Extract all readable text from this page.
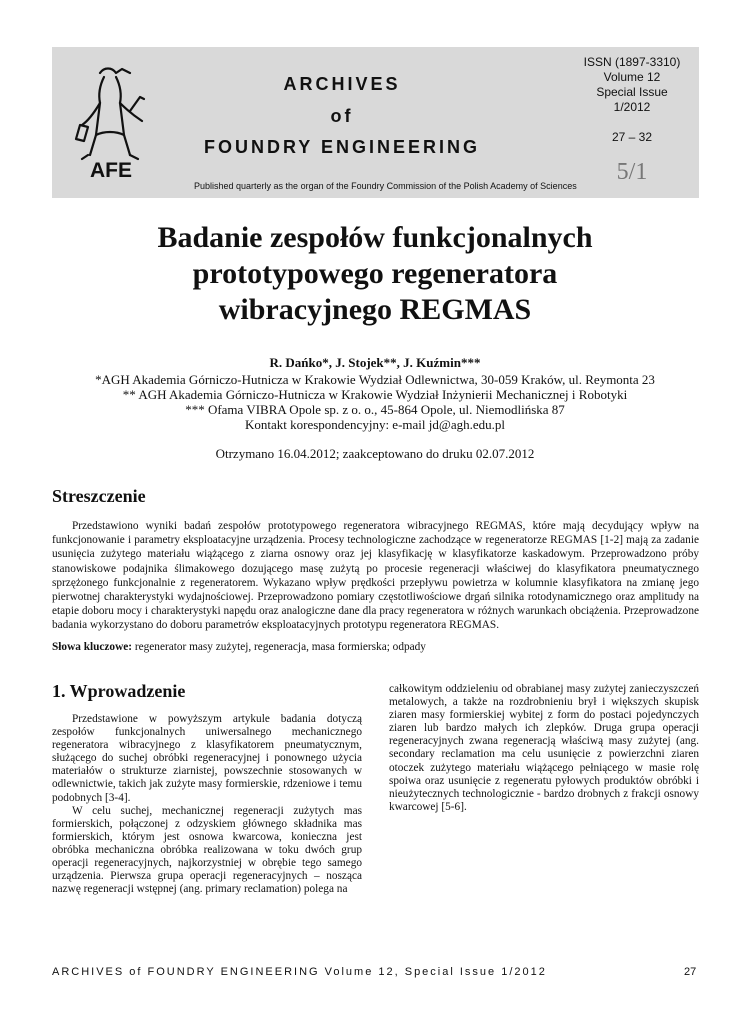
AFE
ARCHIVES
of
FOUNDRY ENGINEERING
Published quarterly as the organ of the Foundry Commission of the Polish Academy of Sciences
ISSN (1897-3310)
Volume 12
Special Issue
1/2012
27 – 32
5/1
Badanie zespołów funkcjonalnych
prototypowego regeneratora
wibracyjnego REGMAS
R. Dańko*, J. Stojek**, J. Kuźmin***
*AGH Akademia Górniczo-Hutnicza w Krakowie Wydział Odlewnictwa, 30-059 Kraków, ul. Reymonta 23
** AGH Akademia Górniczo-Hutnicza w Krakowie Wydział Inżynierii Mechanicznej i Robotyki
*** Ofama VIBRA Opole sp. z o. o., 45-864 Opole, ul. Niemodlińska 87
Kontakt korespondencyjny: e-mail jd@agh.edu.pl
Otrzymano 16.04.2012; zaakceptowano do druku 02.07.2012
Streszczenie

Przedstawiono wyniki badań zespołów prototypowego regeneratora wibracyjnego REGMAS, które mają decydujący wpływ na funkcjonowanie i parametry eksploatacyjne urządzenia. Procesy technologiczne zachodzące w regeneratorze REGMAS [1-2] mają za zadanie usunięcia zużytego materiału wiążącego z ziarna osnowy oraz jej klasyfikację w klasyfikatorze kaskadowym. Przeprowadzono próby stanowiskowe podajnika ślimakowego dozującego masę zużytą po procesie regeneracji właściwej do klasyfikatora pneumatycznego sprzężonego funkcjonalnie z regeneratorem. Wykazano wpływ prędkości przepływu powietrza w kolumnie klasyfikatora na zmianę jego pierwotnej charakterystyki wydajnościowej. Przeprowadzono pomiary częstotliwościowe drgań silnika rotodynamicznego oraz amplitudy na etapie doboru mocy i charakterystyki napędu oraz analogiczne dane dla pracy regeneratora w różnych warunkach obciążenia. Przeprowadzone badania wykorzystano do doboru parametrów eksploatacyjnych prototypu regeneratora REGMAS.

Słowa kluczowe: regenerator masy zużytej, regeneracja, masa formierska; odpady
1. Wprowadzenie

Przedstawione w powyższym artykule badania dotyczą zespołów funkcjonalnych uniwersalnego mechanicznego regeneratora wibracyjnego z klasyfikatorem pneumatycznym, służącego do suchej obróbki regeneracyjnej i ponownego użycia materiałów o strukturze ziarnistej, powszechnie stosowanych w odlewnictwie, takich jak zużyte masy formierskie, rdzeniowe i temu podobnych [3-4].

W celu suchej, mechanicznej regeneracji zużytych mas formierskich, połączonej z odzyskiem głównego składnika mas formierskich, którym jest osnowa kwarcowa, konieczna jest obróbka mechaniczna obróbka realizowana w toku dwóch grup operacji regeneracyjnych, najkorzystniej w obrębie tego samego urządzenia. Pierwsza grupa operacji regeneracyjnych – nosząca nazwę regeneracji wstępnej (ang. primary reclamation) polega na

całkowitym oddzieleniu od obrabianej masy zużytej zanieczyszczeń metalowych, a także na rozdrobnieniu brył i większych skupisk ziaren masy formierskiej wybitej z form do postaci pojedynczych ziaren lub bardzo małych ich zlepków. Druga grupa operacji regeneracyjnych zwana regeneracją właściwą masy zużytej (ang. secondary reclamation ma celu usunięcie z powierzchni ziaren otoczek zużytego materiału wiążącego pełniącego w masie rolę spoiwa oraz usunięcie z regeneratu pyłowych produktów obróbki i nieużytecznych technologicznie - bardzo drobnych z frakcji osnowy kwarcowej [5-6].

ARCHIVES of FOUNDRY ENGINEERING Volume 12, Special Issue 1/2012	27
